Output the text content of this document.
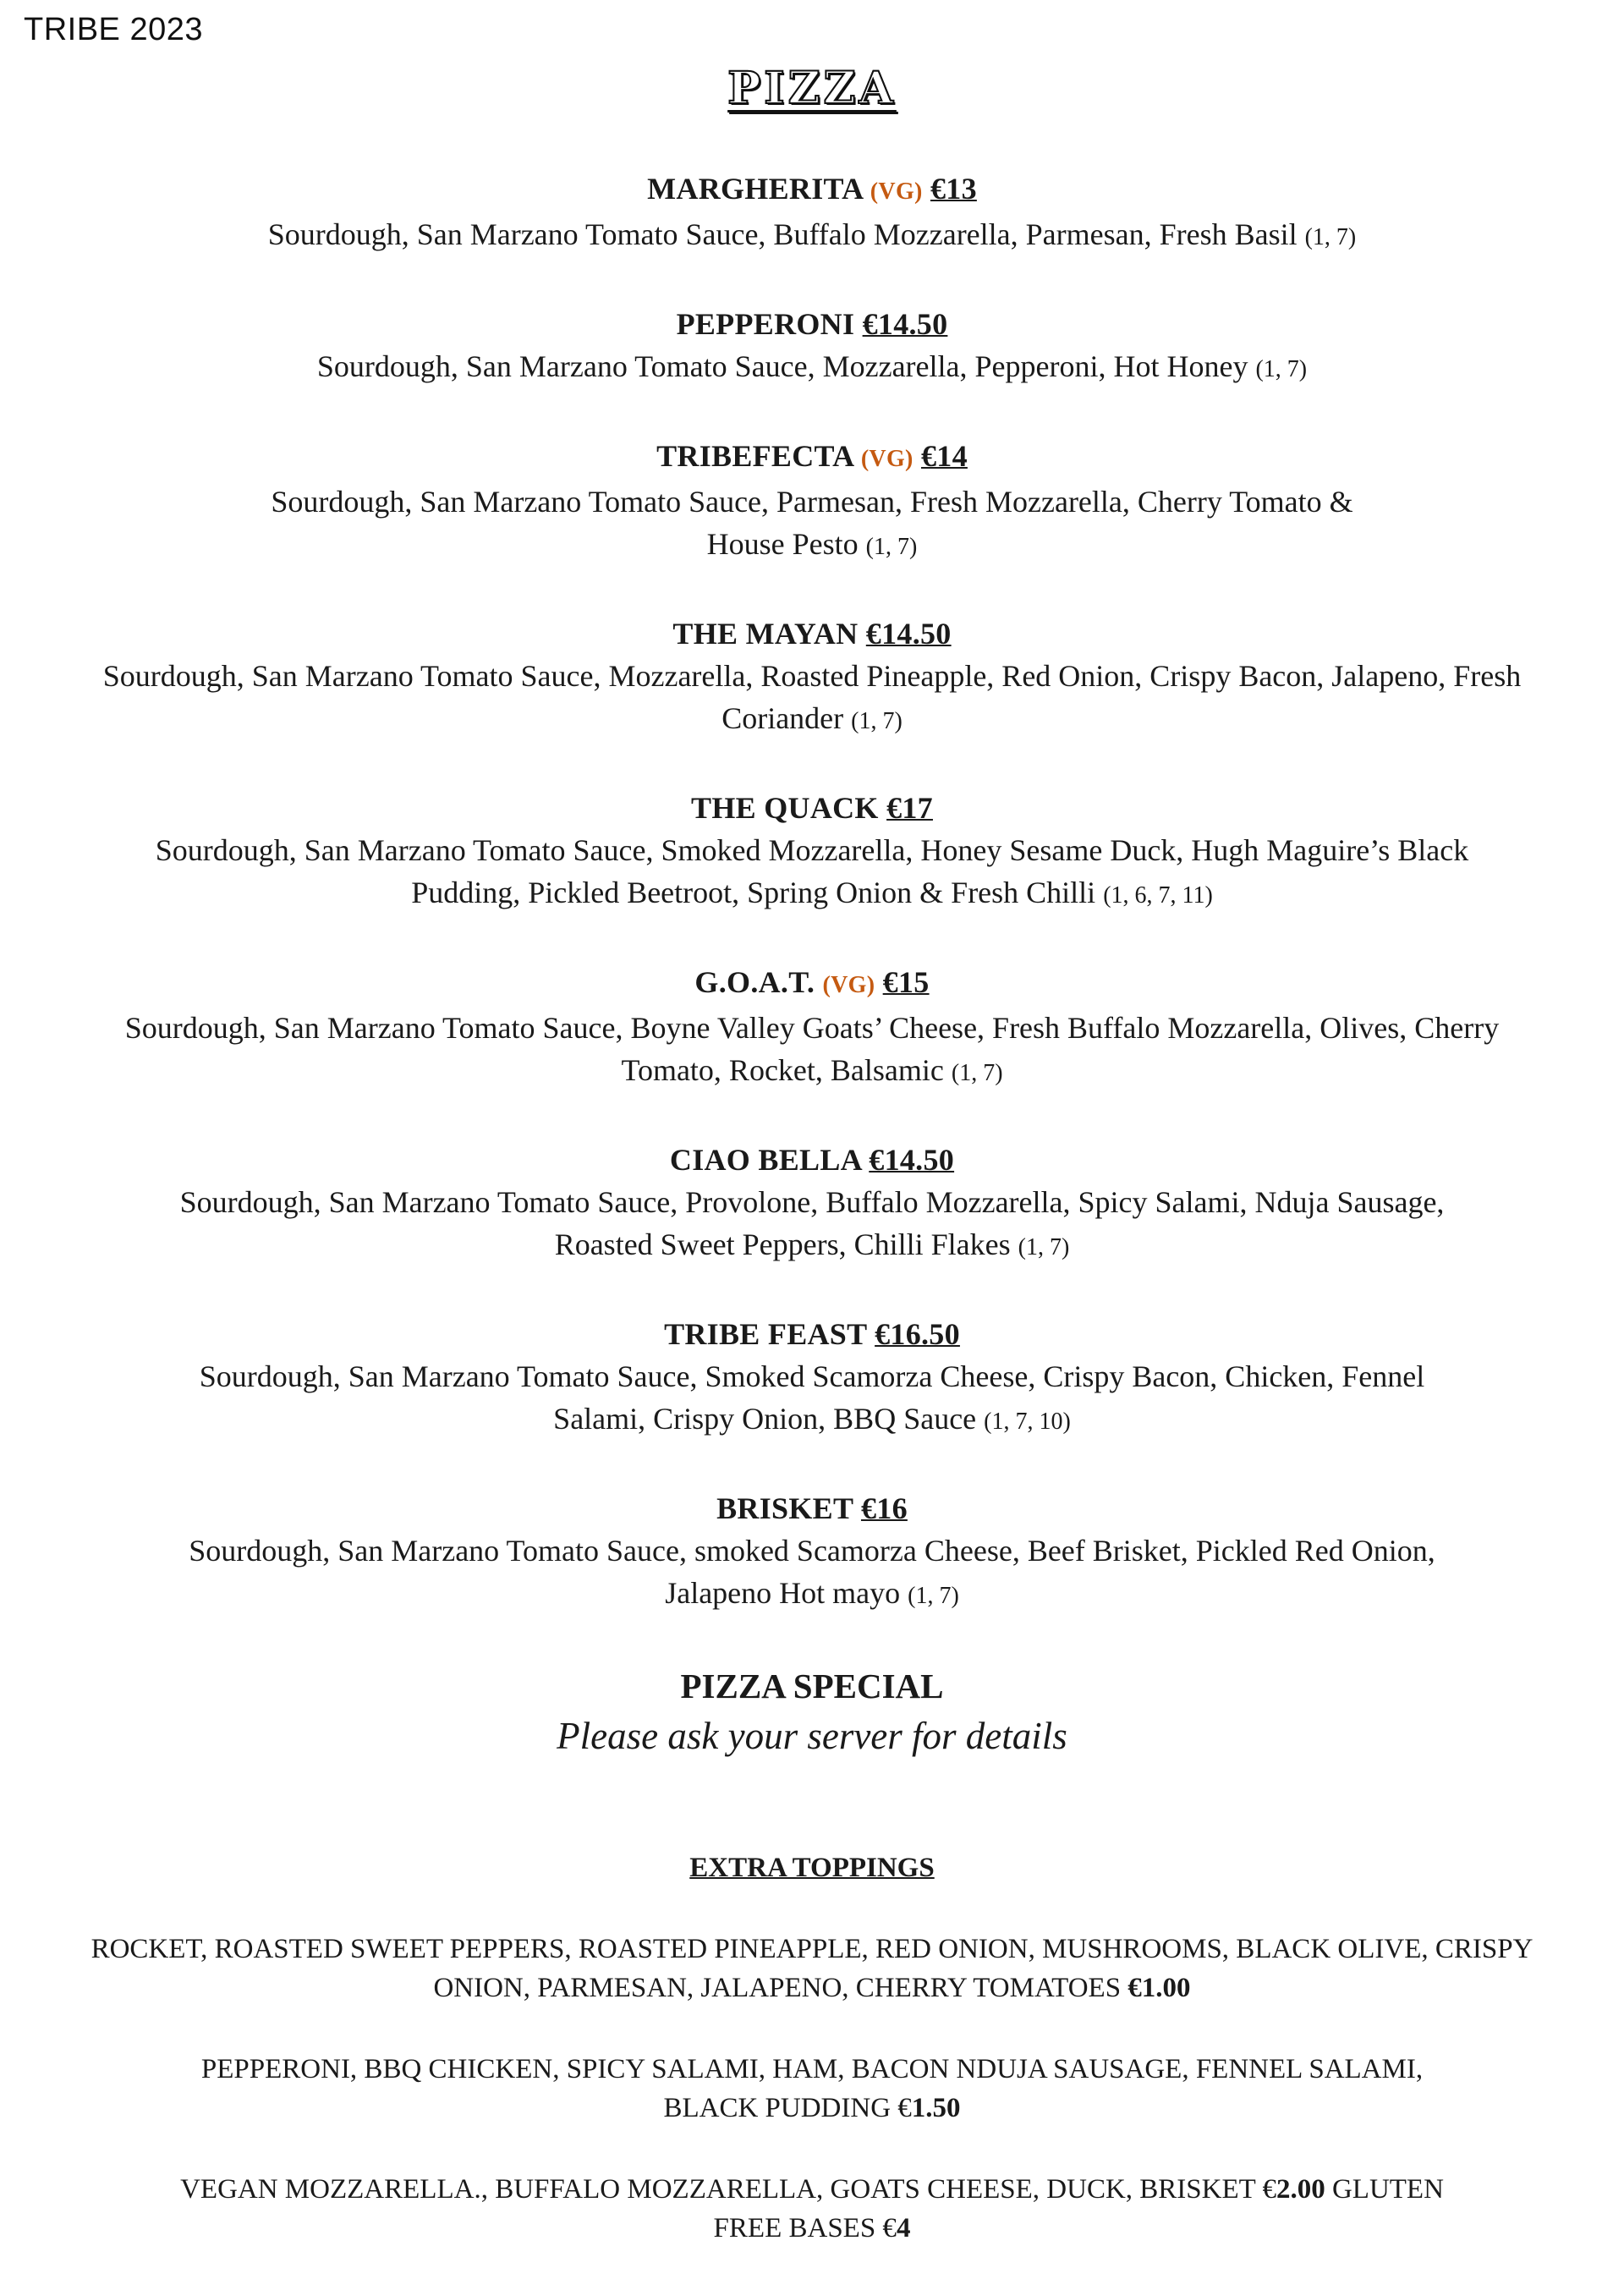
TRIBE 2023
PIZZA
MARGHERITA (VG) €13
Sourdough, San Marzano Tomato Sauce, Buffalo Mozzarella, Parmesan, Fresh Basil (1, 7)
PEPPERONI €14.50
Sourdough, San Marzano Tomato Sauce, Mozzarella, Pepperoni, Hot Honey (1, 7)
TRIBEFECTA (VG) €14
Sourdough, San Marzano Tomato Sauce, Parmesan, Fresh Mozzarella, Cherry Tomato &
House Pesto (1, 7)
THE MAYAN €14.50
Sourdough, San Marzano Tomato Sauce, Mozzarella, Roasted Pineapple, Red Onion, Crispy Bacon, Jalapeno, Fresh
Coriander (1, 7)
THE QUACK €17
Sourdough, San Marzano Tomato Sauce, Smoked Mozzarella, Honey Sesame Duck, Hugh Maguire’s Black
Pudding, Pickled Beetroot, Spring Onion & Fresh Chilli (1, 6, 7, 11)
G.O.A.T. (VG) €15
Sourdough, San Marzano Tomato Sauce, Boyne Valley Goats’ Cheese, Fresh Buffalo Mozzarella, Olives, Cherry
Tomato, Rocket, Balsamic (1, 7)
CIAO BELLA €14.50
Sourdough, San Marzano Tomato Sauce, Provolone, Buffalo Mozzarella, Spicy Salami, Nduja Sausage,
Roasted Sweet Peppers, Chilli Flakes (1, 7)
TRIBE FEAST €16.50
Sourdough, San Marzano Tomato Sauce, Smoked Scamorza Cheese, Crispy Bacon, Chicken, Fennel
Salami, Crispy Onion, BBQ Sauce (1, 7, 10)
BRISKET €16
Sourdough, San Marzano Tomato Sauce, smoked Scamorza Cheese, Beef Brisket, Pickled Red Onion,
Jalapeno Hot mayo (1, 7)
PIZZA SPECIAL
Please ask your server for details
EXTRA TOPPINGS
ROCKET, ROASTED SWEET PEPPERS, ROASTED PINEAPPLE, RED ONION, MUSHROOMS, BLACK OLIVE, CRISPY
ONION, PARMESAN, JALAPENO, CHERRY TOMATOES €1.00
PEPPERONI, BBQ CHICKEN, SPICY SALAMI, HAM, BACON NDUJA SAUSAGE, FENNEL SALAMI,
BLACK PUDDING €1.50
VEGAN MOZZARELLA., BUFFALO MOZZARELLA, GOATS CHEESE, DUCK, BRISKET €2.00 GLUTEN
FREE BASES €4
